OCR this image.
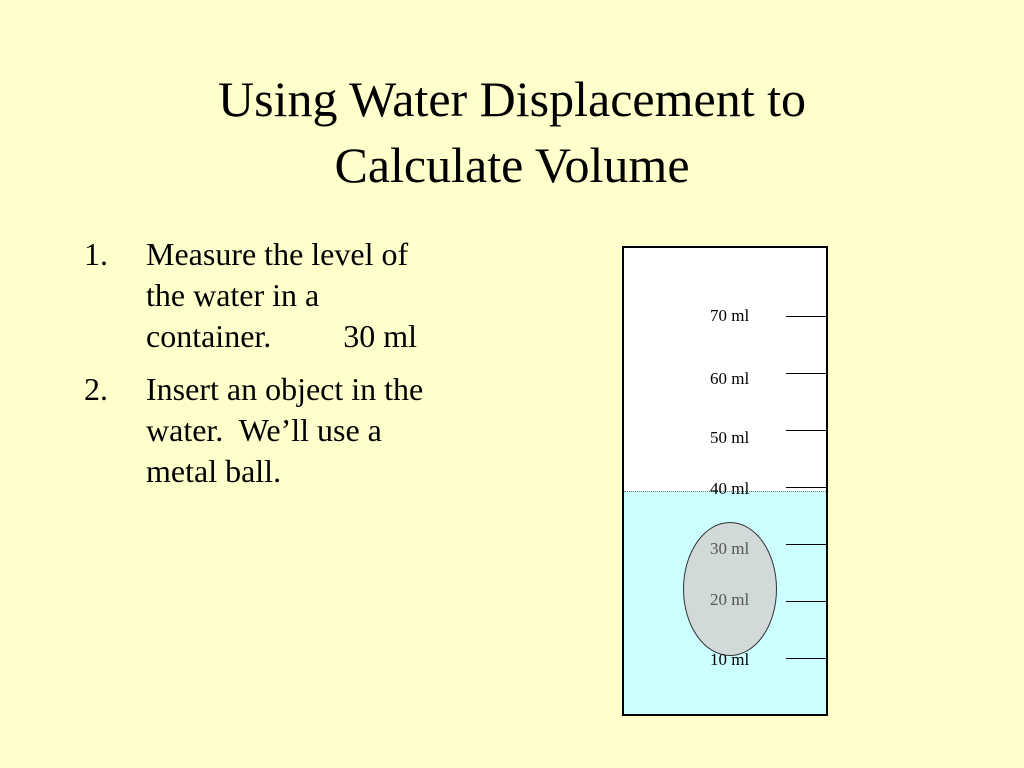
Using Water Displacement to
Calculate Volume
1.	Measure the level of
the water in a
container.         30 ml
2.	Insert an object in the
water.  We’ll use a
metal ball.
70 ml
60 ml
50 ml
40 ml
30 ml
20 ml
10 ml
